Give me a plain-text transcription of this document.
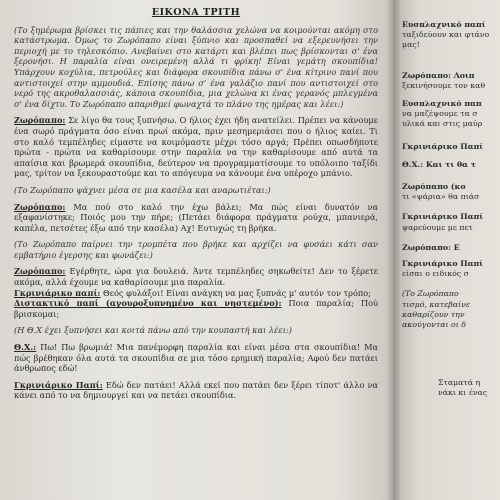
ΕΙΚΟΝΑ ΤΡΙΤΗ

(Το ξημέρωμα βρίσκει τις πάπιες και την θαλάσσια χελώνα να κοιμούνται ακόμη στο κατάστρωμα. Όμως το Ζωρόπαπο είναι ξύπνιο και προσπαθεί να εξερευνήσει την περιοχή με το τηλεσκόπιο. Ανεβαίνει στο κατάρτι και βλέπει πως βρίσκονται σ' ένα ξερονήσι. Η παραλία είναι ονειρεμένη αλλά τι φρίκη! Είναι γεμάτη σκουπίδια! Υπάρχουν κοχύλια, πετρούλες και διάφορα σκουπίδια πάνω σ' ένα κίτρινο πανί που αντιστοιχεί στην αμμουδιά. Επίσης πάνω σ' ένα γαλάζιο πανί που αντιστοιχεί στο νερό της ακροθαλασσιάς, κάποια σκουπίδια, μια χελώνα κι ένας γερανός μπλεγμένα σ' ένα δίχτυ. Το Ζωρόπαπο απαριθμεί φωναχτά το πλάνο της ημέρας και λέει:)

Ζωρόπαπο: Σε λίγο θα τους ξυπνήσω. Ο ήλιος έχει ήδη ανατείλει. Πρέπει να κάνουμε ένα σωρό πράγματα όσο είναι πρωί ακόμα, πριν μεσημεριάσει που ο ήλιος καίει. Τι στο καλό τεμπέληδες είμαστε να κοιμόμαστε μέχρι τόσο αργά; Πρέπει οπωσδήποτε πρώτα - πρώτα να καθαρίσουμε στην παραλία να την καθαρίσουμε από αυτά τα απαίσια και βρωμερά σκουπίδια, δεύτερον να προγραμματίσουμε το υπόλοιπο ταξίδι μας, τρίτον να ξεκουραστούμε και το απόγευμα να κάνουμε ένα υπέροχο μπάνιο.

(Το Ζωρόπαπο ψάχνει μέσα σε μια κασέλα και αναρωτιέται:)

Ζωρόπαπο: Μα πού στο καλό την έχω βάλει; Μα πώς είναι δυνατόν να εξαφανίστηκε; Ποιός μου την πήρε; (Πετάει διάφορα πράγματα ρούχα, μπανιερά, καπέλα, πετσέτες έξω από την κασέλα) Αχ! Ευτυχώς τη βρήκα.

(Το Ζωρόπαπο παίρνει την τρομπέτα που βρήκε και αρχίζει να φυσάει κάτι σαν εμβατήριο έγερσης και φωνάζει:)

Ζωρόπαπο: Εγέρθητε, ώρα για δουλειά. Άντε τεμπέληδες σηκωθείτε! Δεν το ξέρετε ακόμα, αλλά έχουμε να καθαρίσουμε μια παραλία.

Γκρινιάρικο παπί: Θεός φυλάξοι! Είναι ανάγκη να μας ξυπνάς μ' αυτόν τον τρόπο;

Διστακτικό παπί (αγουροξυπνημένο και νηστεμένο): Ποια παραλία; Πού βρισκομαι;

(Η Θ.Χ έχει ξυπνήσει και κοιτά πάνω από την κουπαστή και λέει:)

Θ.Χ.: Πω! Πω βρωμιά! Μια πανέμορφη παραλία και είναι μέσα στα σκουπίδια! Μα πώς βρέθηκαν όλα αυτά τα σκουπίδια σε μια τόσο ερημική παραλία; Αφού δεν πατάει άνθρωπος εδώ!

Γκρινιάρικο Παπί: Εδώ δεν πατάει! Αλλά εκεί που πατάει δεν ξέρει τίποτ' άλλο να κάνει από το να δημιουργεί και να πετάει σκουπίδια.

Ευσπλαχνικό παπί
ταξιδεύουν και φτάνο
μας!
Ζωρόπαπο: Λοιπ
ξεκινήσουμε τον καθ
Ευσπλαχνικό παπ
να μαζέψουμε τα σ
υλικά και στις μαύρ
Γκρινιάρικο Παπί
Θ.Χ.: Και τι θα τ
Ζωρόπαπο (κο
τι «ψάρια» θα πιάσ
Γκρινιάρικο Παπί
ψαρεύουμε με πετ
Ζωρόπαπο: Ε
Γκρινιάρικο Παπί
είσαι ο ειδικός σ
(Το Ζωρόπαπο
τισμό, κατεβαίνε
καθαρίζουν την
ακούγονται οι δ
Σταματά η
νάκι κι ένας
